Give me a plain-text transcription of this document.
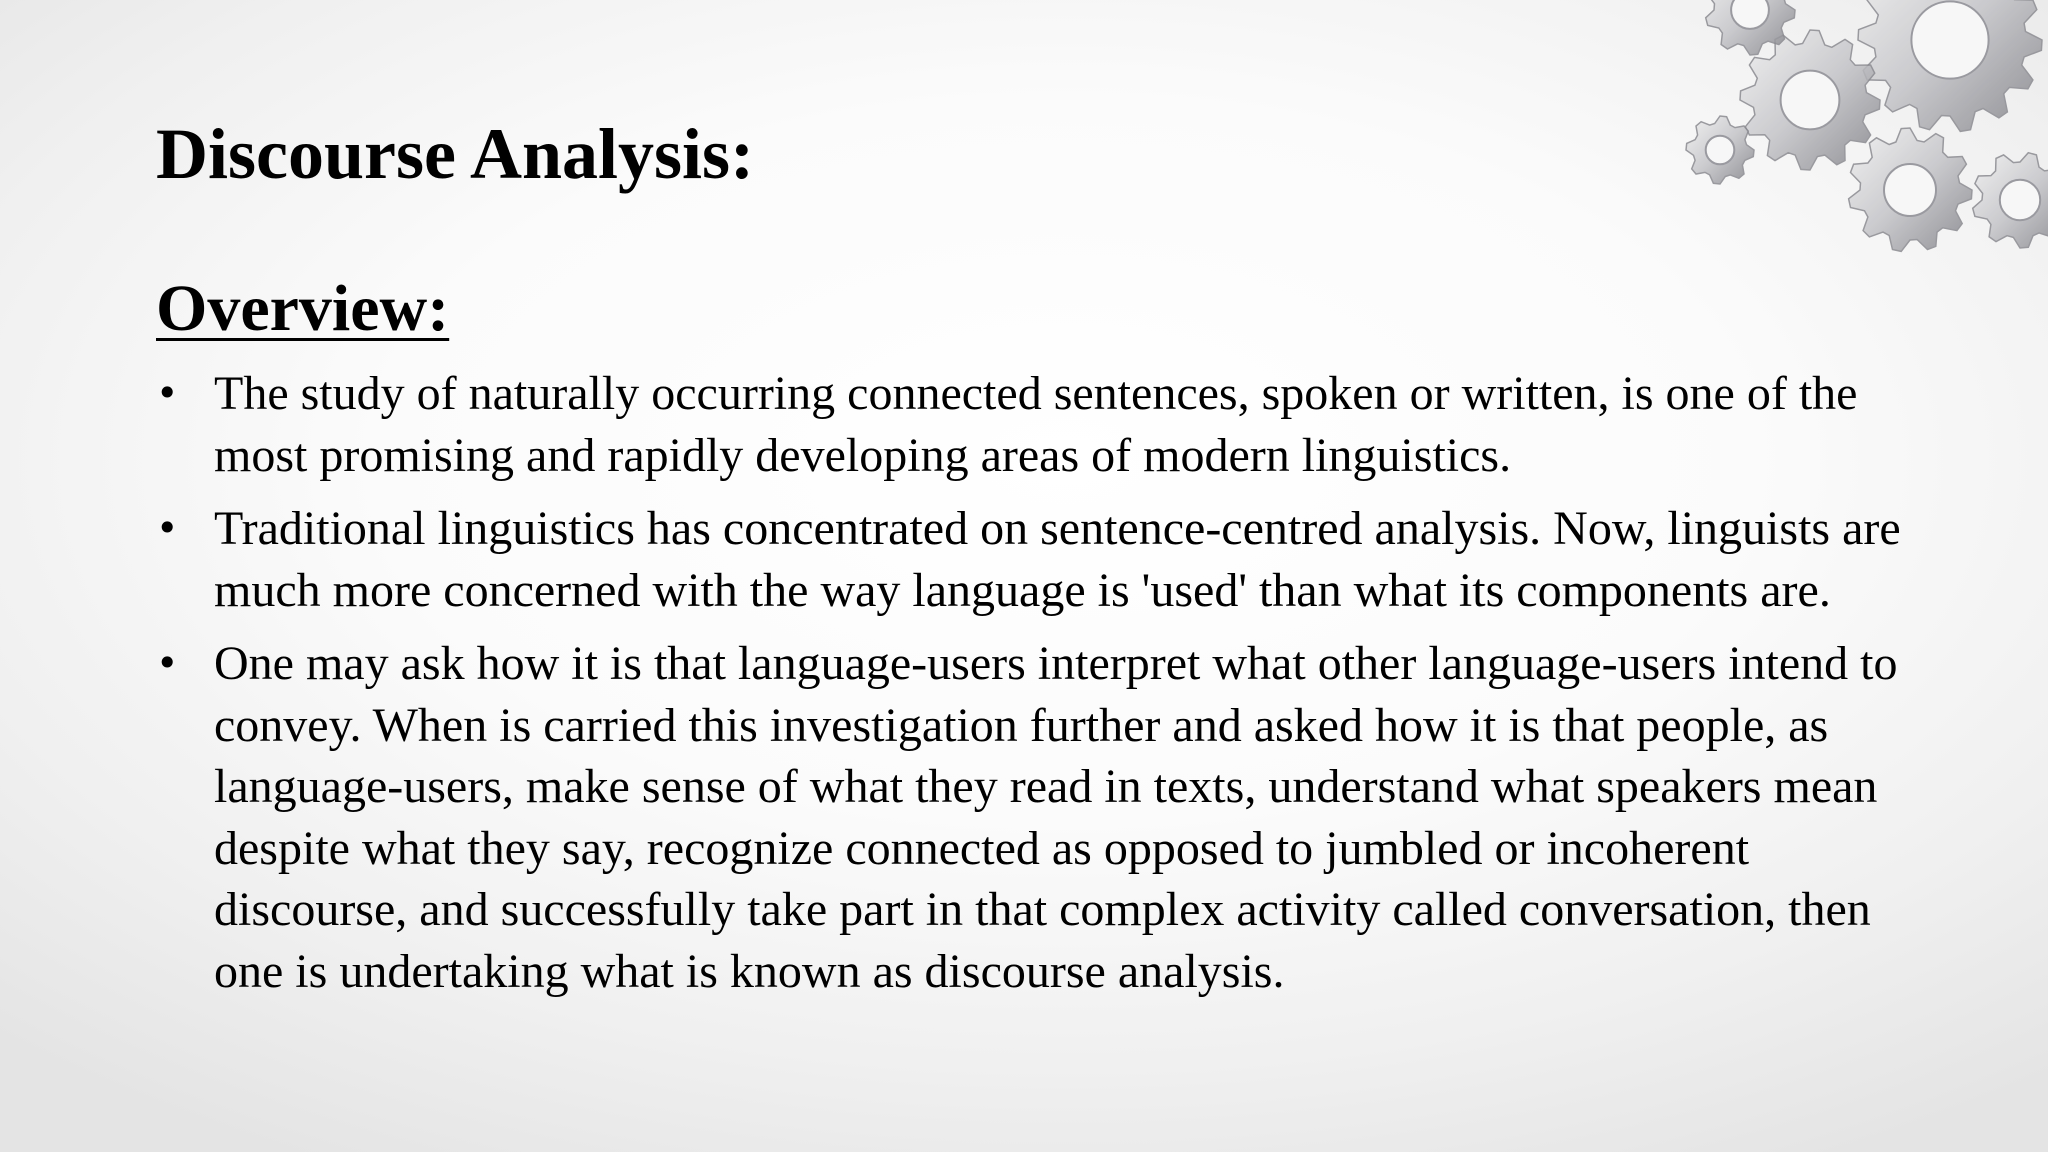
Discourse Analysis:
Overview:
• The study of naturally occurring connected sentences, spoken or written, is one of the most promising and rapidly developing areas of modern linguistics.
• Traditional linguistics has concentrated on sentence-centred analysis. Now, linguists are much more concerned with the way language is 'used' than what its components are.
• One may ask how it is that language-users interpret what other language-users intend to convey. When is carried this investigation further and asked how it is that people, as language-users, make sense of what they read in texts, understand what speakers mean despite what they say, recognize connected as opposed to jumbled or incoherent discourse, and successfully take part in that complex activity called conversation, then one is undertaking what is known as discourse analysis.
